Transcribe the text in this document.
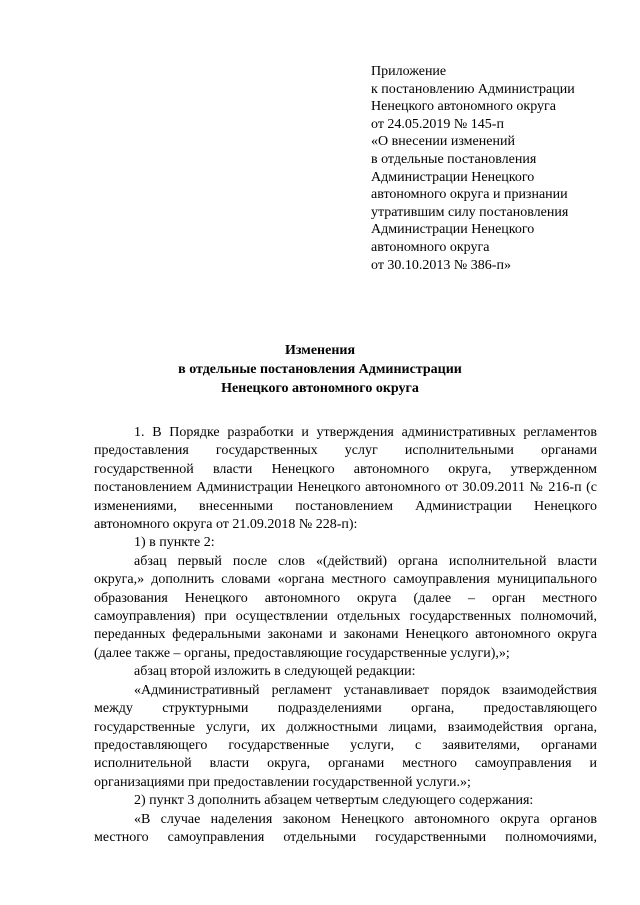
Приложение
к постановлению Администрации
Ненецкого автономного округа
от 24.05.2019 № 145-п
«О внесении изменений
в отдельные постановления
Администрации Ненецкого
автономного округа и признании
утратившим силу постановления
Администрации Ненецкого
автономного округа
от 30.10.2013 № 386-п»
Изменения
в отдельные постановления Администрации
Ненецкого автономного округа

1. В Порядке разработки и утверждения административных регламентов предоставления государственных услуг исполнительными органами государственной власти Ненецкого автономного округа, утвержденном постановлением Администрации Ненецкого автономного от 30.09.2011 № 216-п (с изменениями, внесенными постановлением Администрации Ненецкого автономного округа от 21.09.2018 № 228-п):

1) в пункте 2:

абзац первый после слов «(действий) органа исполнительной власти округа,» дополнить словами «органа местного самоуправления муниципального образования Ненецкого автономного округа (далее – орган местного самоуправления) при осуществлении отдельных государственных полномочий, переданных федеральными законами и законами Ненецкого автономного округа (далее также – органы, предоставляющие государственные услуги),»;

абзац второй изложить в следующей редакции:

«Административный регламент устанавливает порядок взаимодействия между структурными подразделениями органа, предоставляющего государственные услуги, их должностными лицами, взаимодействия органа, предоставляющего государственные услуги, с заявителями, органами исполнительной власти округа, органами местного самоуправления и организациями при предоставлении государственной услуги.»;

2) пункт 3 дополнить абзацем четвертым следующего содержания:

«В случае наделения законом Ненецкого автономного округа органов местного самоуправления отдельными государственными полномочиями,
